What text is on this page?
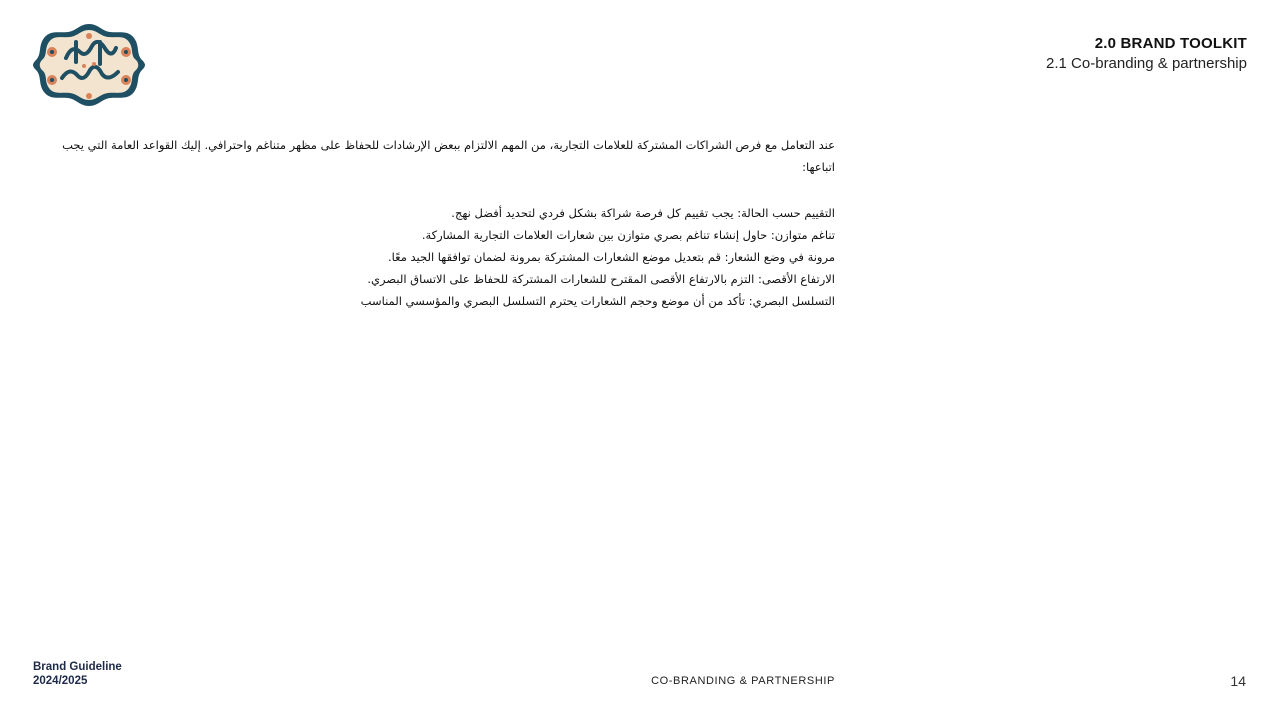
2.0 BRAND TOOLKIT
2.1 Co-branding & partnership

عند التعامل مع فرص الشراكات المشتركة للعلامات التجارية، من المهم الالتزام ببعض الإرشادات للحفاظ على مظهر متناغم واحترافي. إليك القواعد العامة التي يجب اتباعها:

التقييم حسب الحالة: يجب تقييم كل فرصة شراكة بشكل فردي لتحديد أفضل نهج.
تناغم متوازن: حاول إنشاء تناغم بصري متوازن بين شعارات العلامات التجارية المشاركة.
مرونة في وضع الشعار: قم بتعديل موضع الشعارات المشتركة بمرونة لضمان توافقها الجيد معًا.
الارتفاع الأقصى: التزم بالارتفاع الأقصى المقترح للشعارات المشتركة للحفاظ على الاتساق البصري.
التسلسل البصري: تأكد من أن موضع وحجم الشعارات يحترم التسلسل البصري والمؤسسي المناسب
Brand Guideline
2024/2025	CO-BRANDING & PARTNERSHIP	14
